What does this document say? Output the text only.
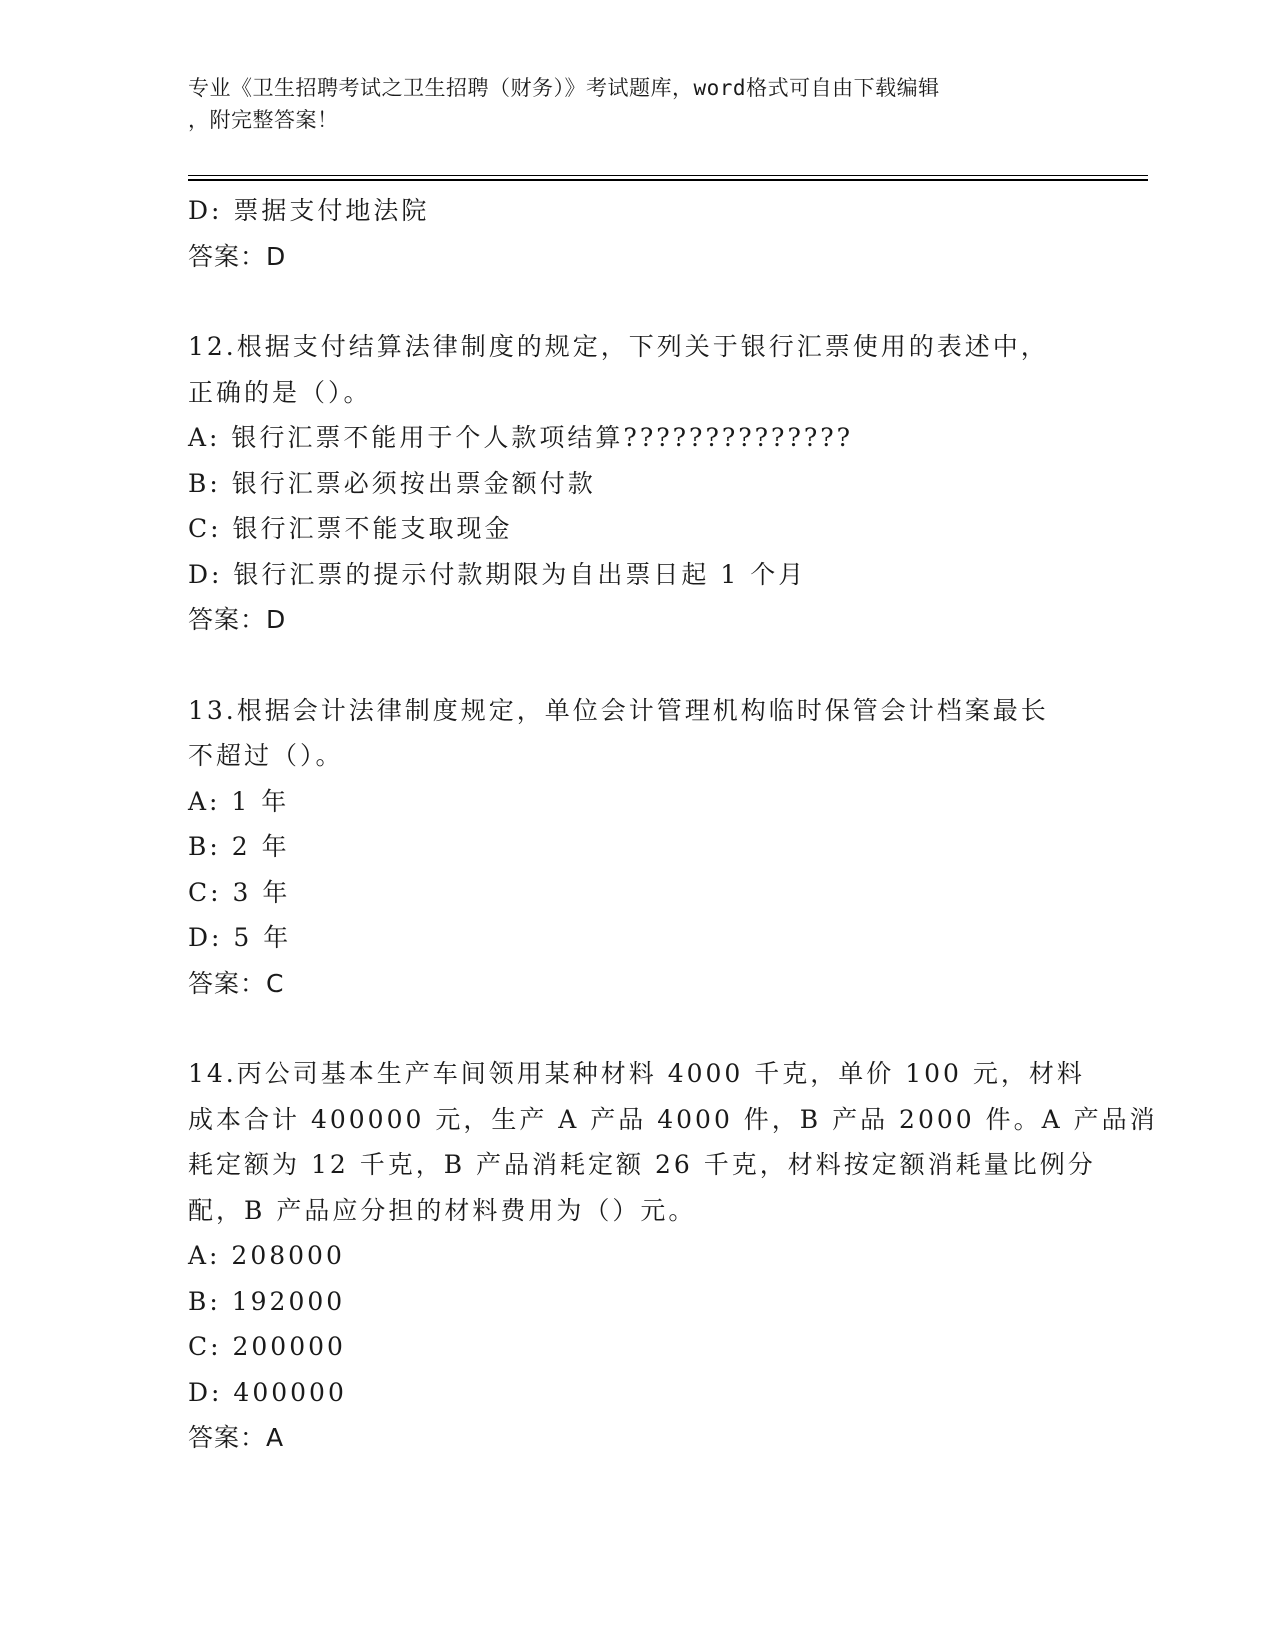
专业《卫生招聘考试之卫生招聘（财务）》考试题库，word格式可自由下载编辑
，附完整答案！
D: 票据支付地法院
答案：D
12.根据支付结算法律制度的规定，下列关于银行汇票使用的表述中，
正确的是（）。
A: 银行汇票不能用于个人款项结算??????????????
B: 银行汇票必须按出票金额付款
C: 银行汇票不能支取现金
D: 银行汇票的提示付款期限为自出票日起 1 个月
答案：D
13.根据会计法律制度规定，单位会计管理机构临时保管会计档案最长
不超过（）。
A: 1 年
B: 2 年
C: 3 年
D: 5 年
答案：C
14.丙公司基本生产车间领用某种材料 4000 千克，单价 100 元，材料
成本合计 400000 元，生产 A 产品 4000 件，B 产品 2000 件。A 产品消
耗定额为 12 千克，B 产品消耗定额 26 千克，材料按定额消耗量比例分
配，B 产品应分担的材料费用为（）元。
A: 208000
B: 192000
C: 200000
D: 400000
答案：A
